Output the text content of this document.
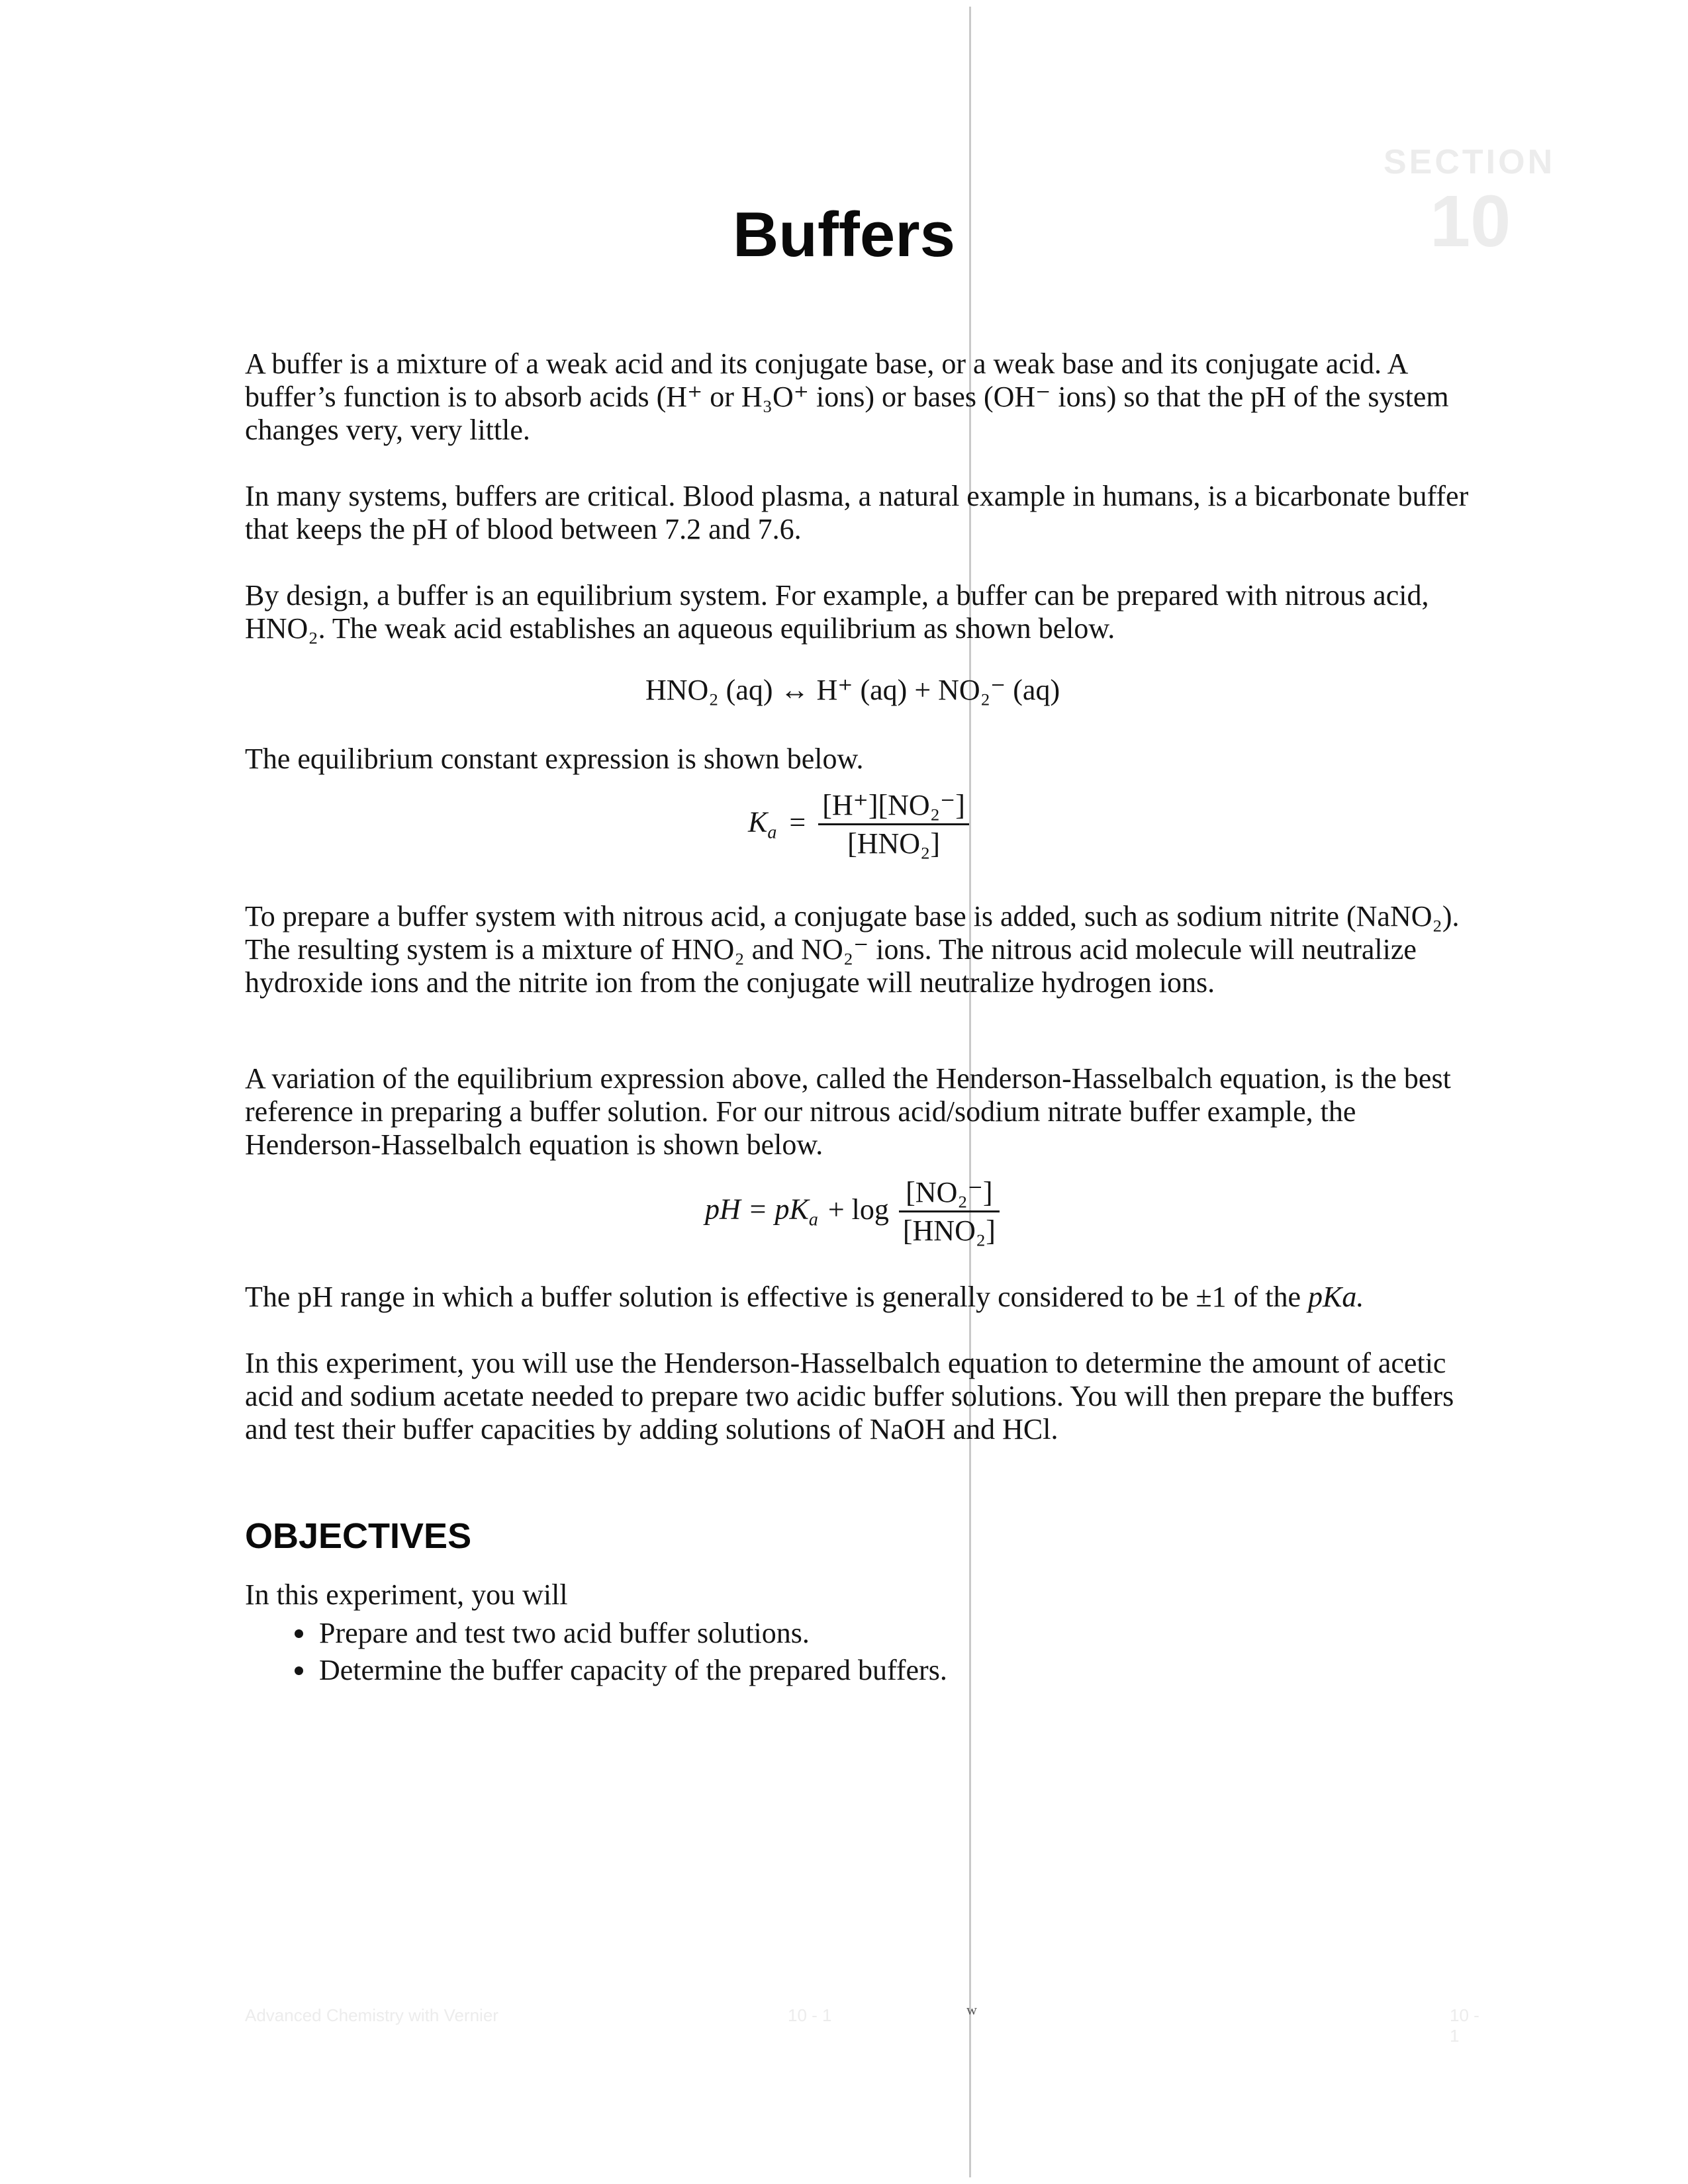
SECTION
10
Buffers

A buffer is a mixture of a weak acid and its conjugate base, or a weak base and its conjugate acid. A buffer’s function is to absorb acids (H⁺ or H₃O⁺ ions) or bases (OH⁻ ions) so that the pH of the system changes very, very little.

In many systems, buffers are critical. Blood plasma, a natural example in humans, is a bicarbonate buffer that keeps the pH of blood between 7.2 and 7.6.

By design, a buffer is an equilibrium system. For example, a buffer can be prepared with nitrous acid, HNO₂. The weak acid establishes an aqueous equilibrium as shown below.

HNO₂ (aq) ↔ H⁺ (aq) + NO₂⁻ (aq)

The equilibrium constant expression is shown below.

$K_a = \frac{\text{[H⁺][NO₂⁻]}}{\text{[HNO₂]}}$

To prepare a buffer system with nitrous acid, a conjugate base is added, such as sodium nitrite (NaNO₂). The resulting system is a mixture of HNO₂ and NO₂⁻ ions. The nitrous acid molecule will neutralize hydroxide ions and the nitrite ion from the conjugate will neutralize hydrogen ions.

A variation of the equilibrium expression above, called the Henderson-Hasselbalch equation, is the best reference in preparing a buffer solution. For our nitrous acid/sodium nitrate buffer example, the Henderson-Hasselbalch equation is shown below.

pH = $pK_a + \log \frac{\text{[NO₂⁻]}}{\text{[HNO₂]}}$

The pH range in which a buffer solution is effective is generally considered to be ±1 of the pKa.

In this experiment, you will use the Henderson-Hasselbalch equation to determine the amount of acetic acid and sodium acetate needed to prepare two acidic buffer solutions. You will then prepare the buffers and test their buffer capacities by adding solutions of NaOH and HCl.

OBJECTIVES

In this experiment, you will

• Prepare and test two acid buffer solutions.
• Determine the buffer capacity of the prepared buffers.
Advanced Chemistry with Vernier	10 - 1	w	10 - 1
